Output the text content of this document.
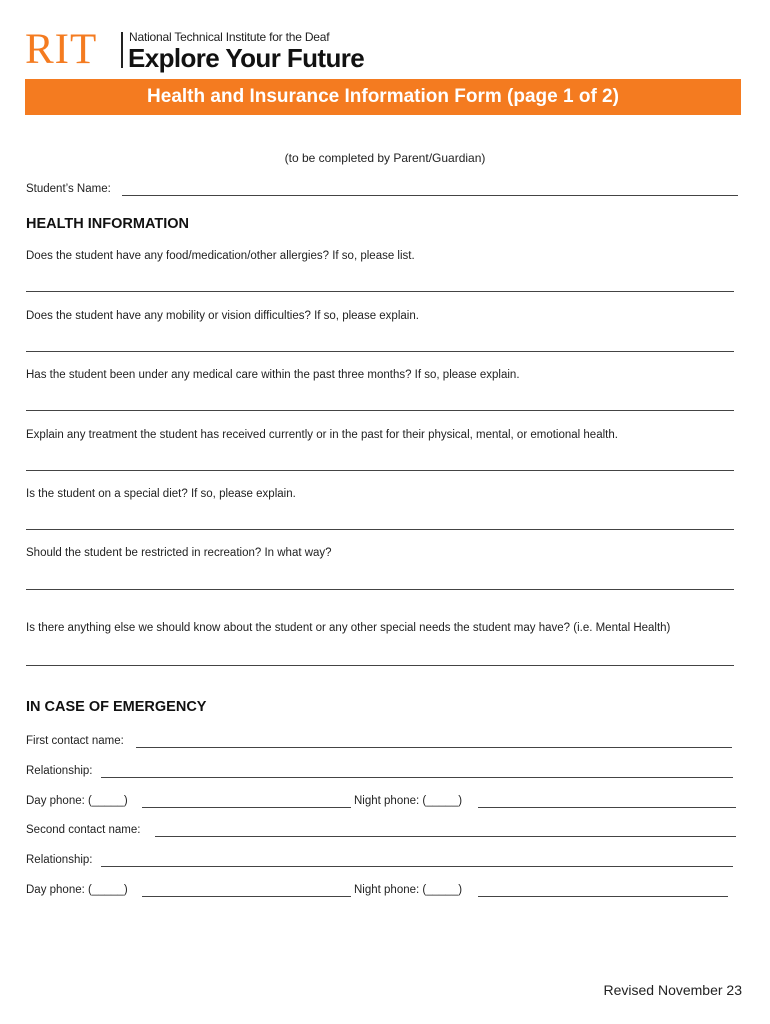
RIT	National Technical Institute for the Deaf
Explore Your Future
Health and Insurance Information Form (page 1 of 2)
(to be completed by Parent/Guardian)
Student’s Name:
HEALTH INFORMATION
Does the student have any food/medication/other allergies? If so, please list.
Does the student have any mobility or vision difficulties? If so, please explain.
Has the student been under any medical care within the past three months? If so, please explain.
Explain any treatment the student has received currently or in the past for their physical, mental, or emotional health.
Is the student on a special diet? If so, please explain.
Should the student be restricted in recreation? In what way?
Is there anything else we should know about the student or any other special needs the student may have? (i.e. Mental Health)
IN CASE OF EMERGENCY
First contact name:
Relationship:
Day phone: (_____)	Night phone: (_____)
Second contact name:
Relationship:
Day phone: (_____)	Night phone: (_____)
Revised November 23
